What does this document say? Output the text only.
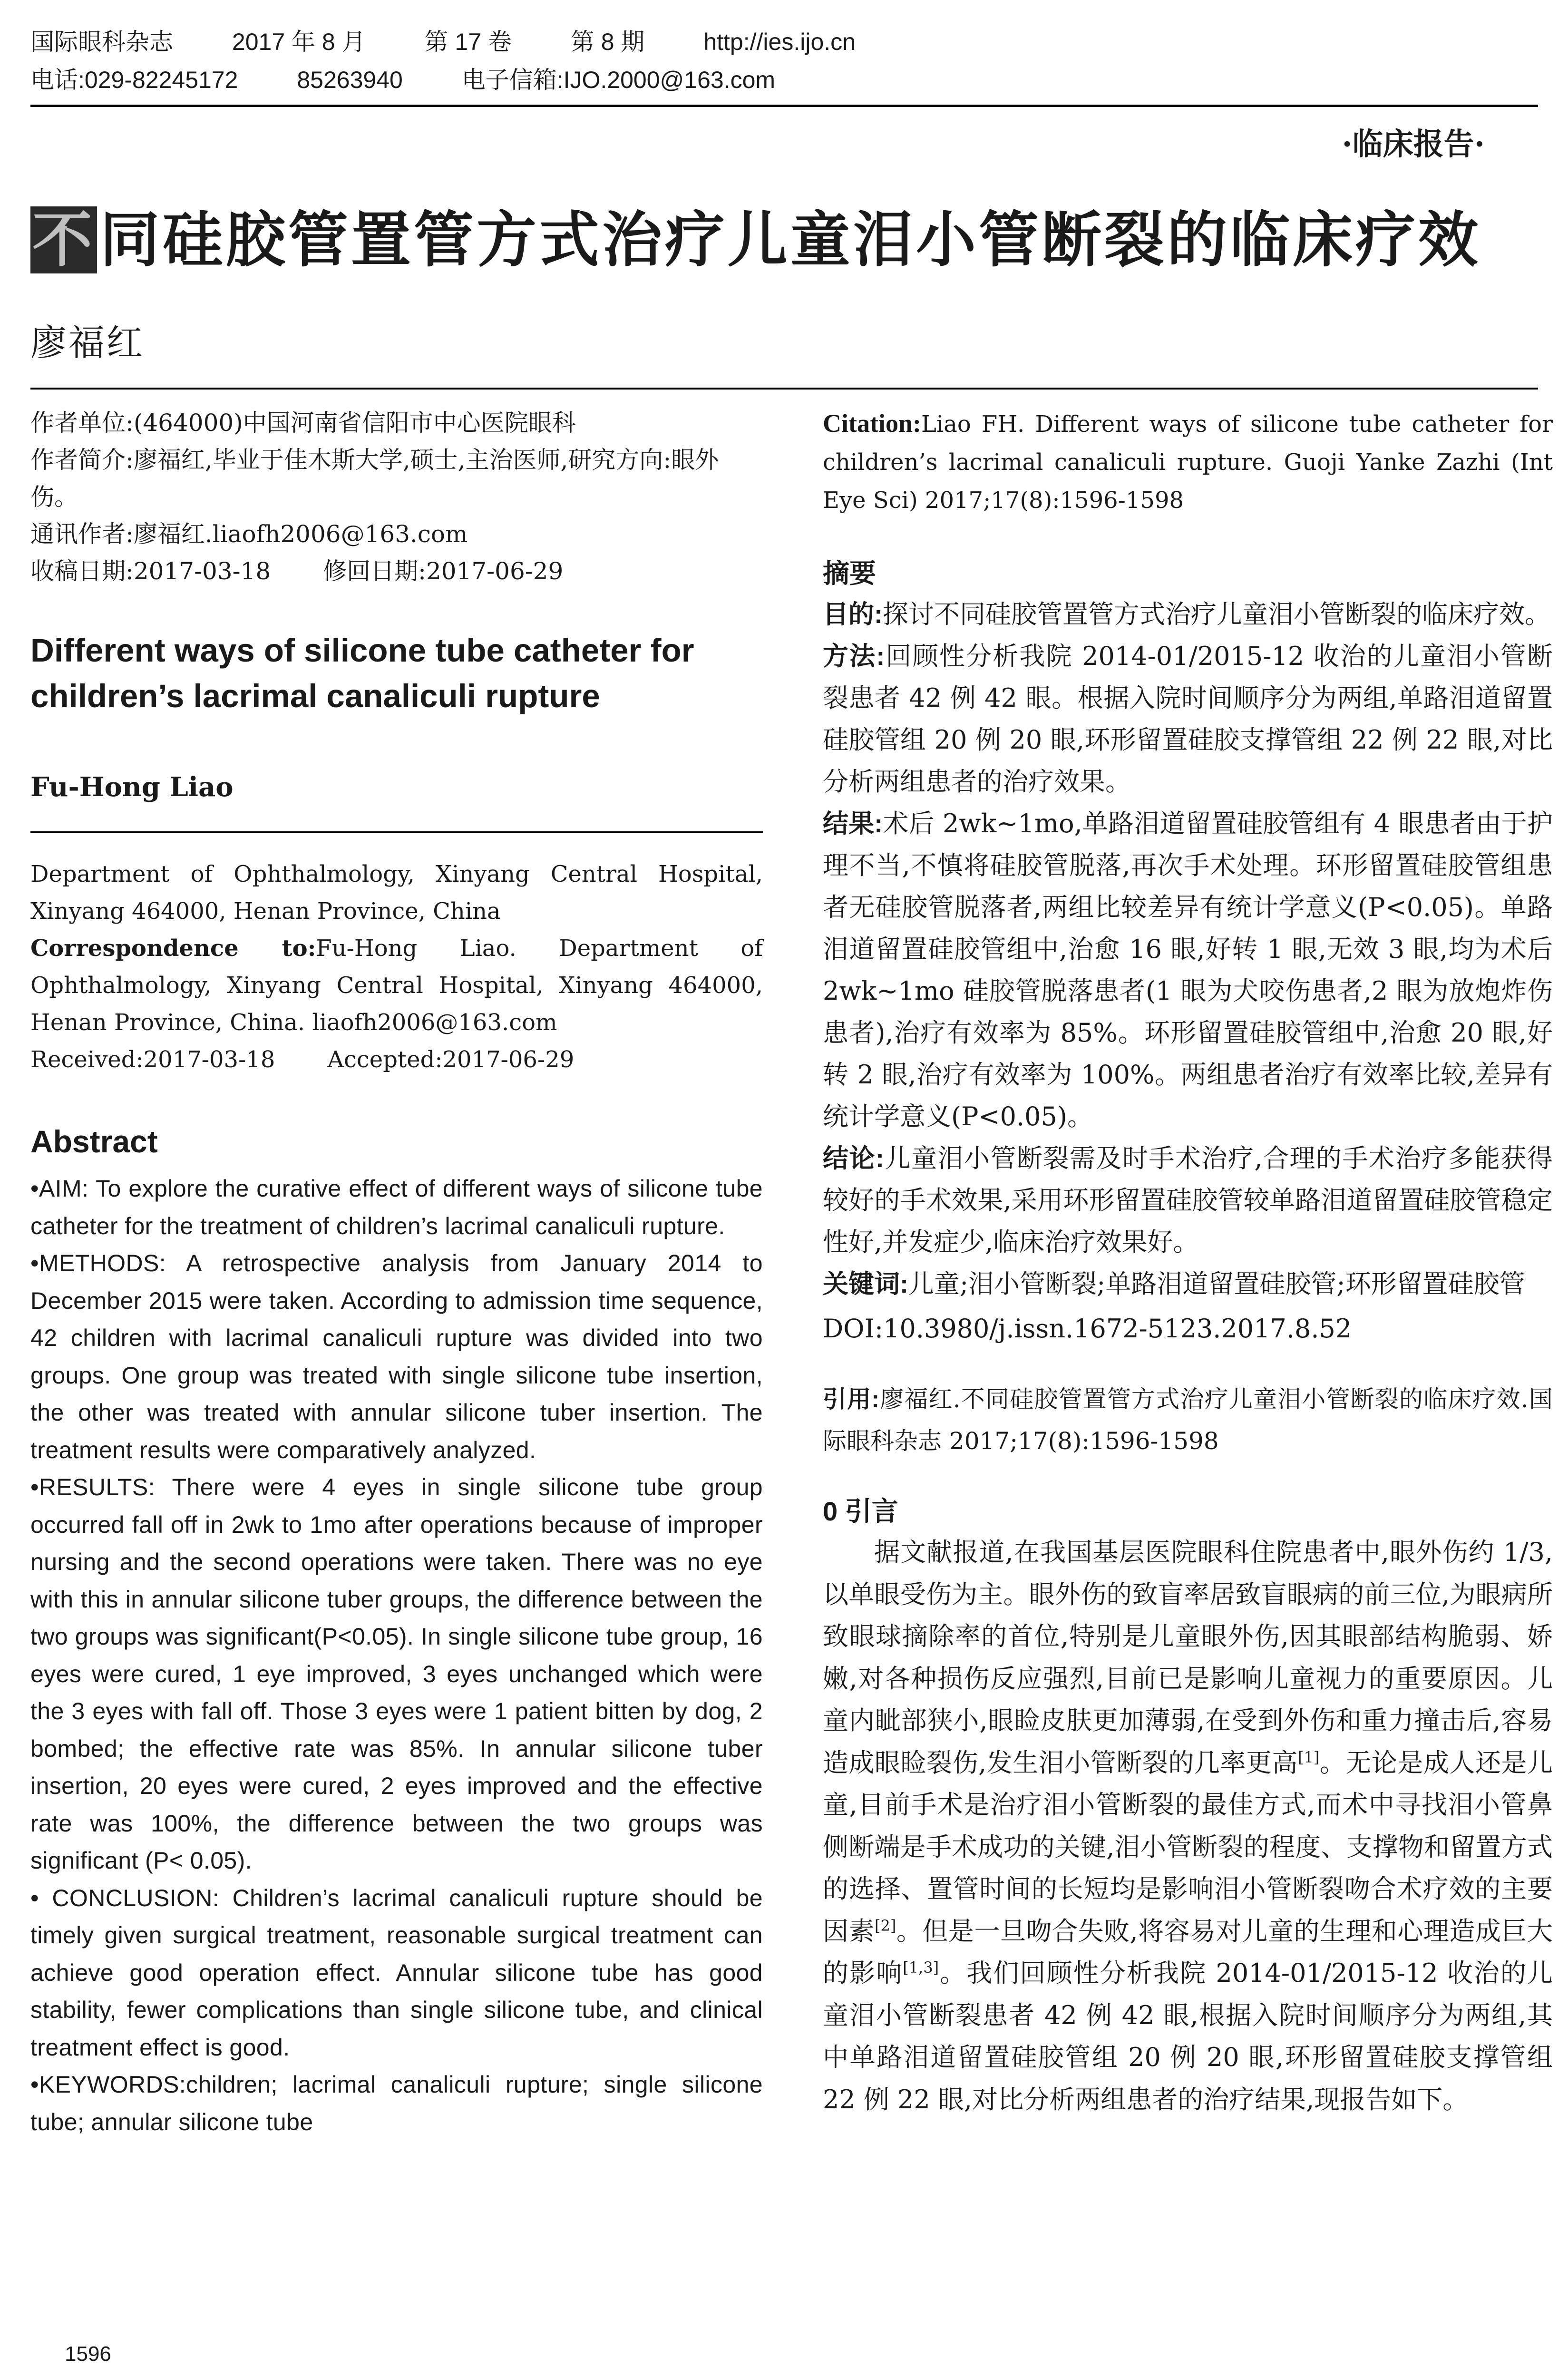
国际眼科杂志 2017 年 8 月 第 17 卷 第 8 期 http://ies.ijo.cn
电话:029-82245172 85263940 电子信箱:IJO.2000@163.com
·临床报告·
不同硅胶管置管方式治疗儿童泪小管断裂的临床疗效
廖福红

作者单位:(464000)中国河南省信阳市中心医院眼科

作者简介:廖福红,毕业于佳木斯大学,硕士,主治医师,研究方向:眼外伤。

通讯作者:廖福红.liaofh2006@163.com

收稿日期:2017-03-18 修回日期:2017-06-29

Different ways of silicone tube catheter for children’s lacrimal canaliculi rupture
Fu-Hong Liao

Department of Ophthalmology, Xinyang Central Hospital, Xinyang 464000, Henan Province, China

Correspondence to:Fu-Hong Liao. Department of Ophthalmology, Xinyang Central Hospital, Xinyang 464000, Henan Province, China. liaofh2006@163.com

Received:2017-03-18 Accepted:2017-06-29

Abstract

•AIM: To explore the curative effect of different ways of silicone tube catheter for the treatment of children’s lacrimal canaliculi rupture.

•METHODS: A retrospective analysis from January 2014 to December 2015 were taken. According to admission time sequence, 42 children with lacrimal canaliculi rupture was divided into two groups. One group was treated with single silicone tube insertion, the other was treated with annular silicone tuber insertion. The treatment results were comparatively analyzed.

•RESULTS: There were 4 eyes in single silicone tube group occurred fall off in 2wk to 1mo after operations because of improper nursing and the second operations were taken. There was no eye with this in annular silicone tuber groups, the difference between the two groups was significant(P<0.05). In single silicone tube group, 16 eyes were cured, 1 eye improved, 3 eyes unchanged which were the 3 eyes with fall off. Those 3 eyes were 1 patient bitten by dog, 2 bombed; the effective rate was 85%. In annular silicone tuber insertion, 20 eyes were cured, 2 eyes improved and the effective rate was 100%, the difference between the two groups was significant (P< 0.05).

• CONCLUSION: Children’s lacrimal canaliculi rupture should be timely given surgical treatment, reasonable surgical treatment can achieve good operation effect. Annular silicone tube has good stability, fewer complications than single silicone tube, and clinical treatment effect is good.

•KEYWORDS:children; lacrimal canaliculi rupture; single silicone tube; annular silicone tube

Citation:Liao FH. Different ways of silicone tube catheter for children’s lacrimal canaliculi rupture. Guoji Yanke Zazhi (Int Eye Sci) 2017;17(8):1596-1598

摘要

目的:探讨不同硅胶管置管方式治疗儿童泪小管断裂的临床疗效。

方法:回顾性分析我院 2014-01/2015-12 收治的儿童泪小管断裂患者 42 例 42 眼。根据入院时间顺序分为两组,单路泪道留置硅胶管组 20 例 20 眼,环形留置硅胶支撑管组 22 例 22 眼,对比分析两组患者的治疗效果。

结果:术后 2wk~1mo,单路泪道留置硅胶管组有 4 眼患者由于护理不当,不慎将硅胶管脱落,再次手术处理。环形留置硅胶管组患者无硅胶管脱落者,两组比较差异有统计学意义(P<0.05)。单路泪道留置硅胶管组中,治愈 16 眼,好转 1 眼,无效 3 眼,均为术后 2wk~1mo 硅胶管脱落患者(1 眼为犬咬伤患者,2 眼为放炮炸伤患者),治疗有效率为 85%。环形留置硅胶管组中,治愈 20 眼,好转 2 眼,治疗有效率为 100%。两组患者治疗有效率比较,差异有统计学意义(P<0.05)。

结论:儿童泪小管断裂需及时手术治疗,合理的手术治疗多能获得较好的手术效果,采用环形留置硅胶管较单路泪道留置硅胶管稳定性好,并发症少,临床治疗效果好。

关键词:儿童;泪小管断裂;单路泪道留置硅胶管;环形留置硅胶管

DOI:10.3980/j.issn.1672-5123.2017.8.52

引用:廖福红.不同硅胶管置管方式治疗儿童泪小管断裂的临床疗效.国际眼科杂志 2017;17(8):1596-1598

0 引言

据文献报道,在我国基层医院眼科住院患者中,眼外伤约 1/3,以单眼受伤为主。眼外伤的致盲率居致盲眼病的前三位,为眼病所致眼球摘除率的首位,特别是儿童眼外伤,因其眼部结构脆弱、娇嫩,对各种损伤反应强烈,目前已是影响儿童视力的重要原因。儿童内眦部狭小,眼睑皮肤更加薄弱,在受到外伤和重力撞击后,容易造成眼睑裂伤,发生泪小管断裂的几率更高[1]。无论是成人还是儿童,目前手术是治疗泪小管断裂的最佳方式,而术中寻找泪小管鼻侧断端是手术成功的关键,泪小管断裂的程度、支撑物和留置方式的选择、置管时间的长短均是影响泪小管断裂吻合术疗效的主要因素[2]。但是一旦吻合失败,将容易对儿童的生理和心理造成巨大的影响[1,3]。我们回顾性分析我院 2014-01/2015-12 收治的儿童泪小管断裂患者 42 例 42 眼,根据入院时间顺序分为两组,其中单路泪道留置硅胶管组 20 例 20 眼,环形留置硅胶支撑管组 22 例 22 眼,对比分析两组患者的治疗结果,现报告如下。

1596
